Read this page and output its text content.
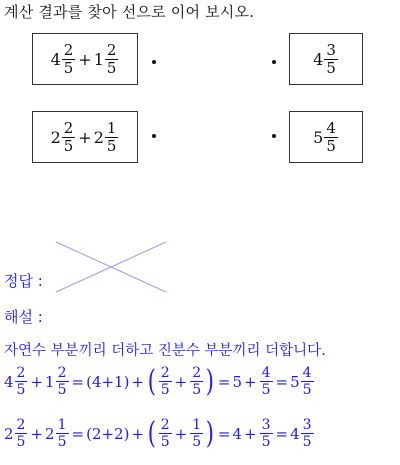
계산 결과를 찾아 선으로 이어 보시오.
$4 \frac{2}{5} + 1 \frac{2}{5}$	$4 \frac{3}{5}$
$2 \frac{2}{5} + 2 \frac{1}{5}$	$5 \frac{4}{5}$
정답 :
해설 :
자연수 부분끼리 더하고 진분수 부분끼리 더합니다.
$4 \frac{2}{5} + 1 \frac{2}{5} = (4+1)$ + ( $\frac{2}{5} + \frac{2}{5}$ ) = $5 + \frac{4}{5} = 5 \frac{4}{5}$
$2 \frac{2}{5} + 2 \frac{1}{5} = (2+2)$ + ( $\frac{2}{5} + \frac{1}{5}$ ) = $4 + \frac{3}{5} = 4 \frac{3}{5}$
